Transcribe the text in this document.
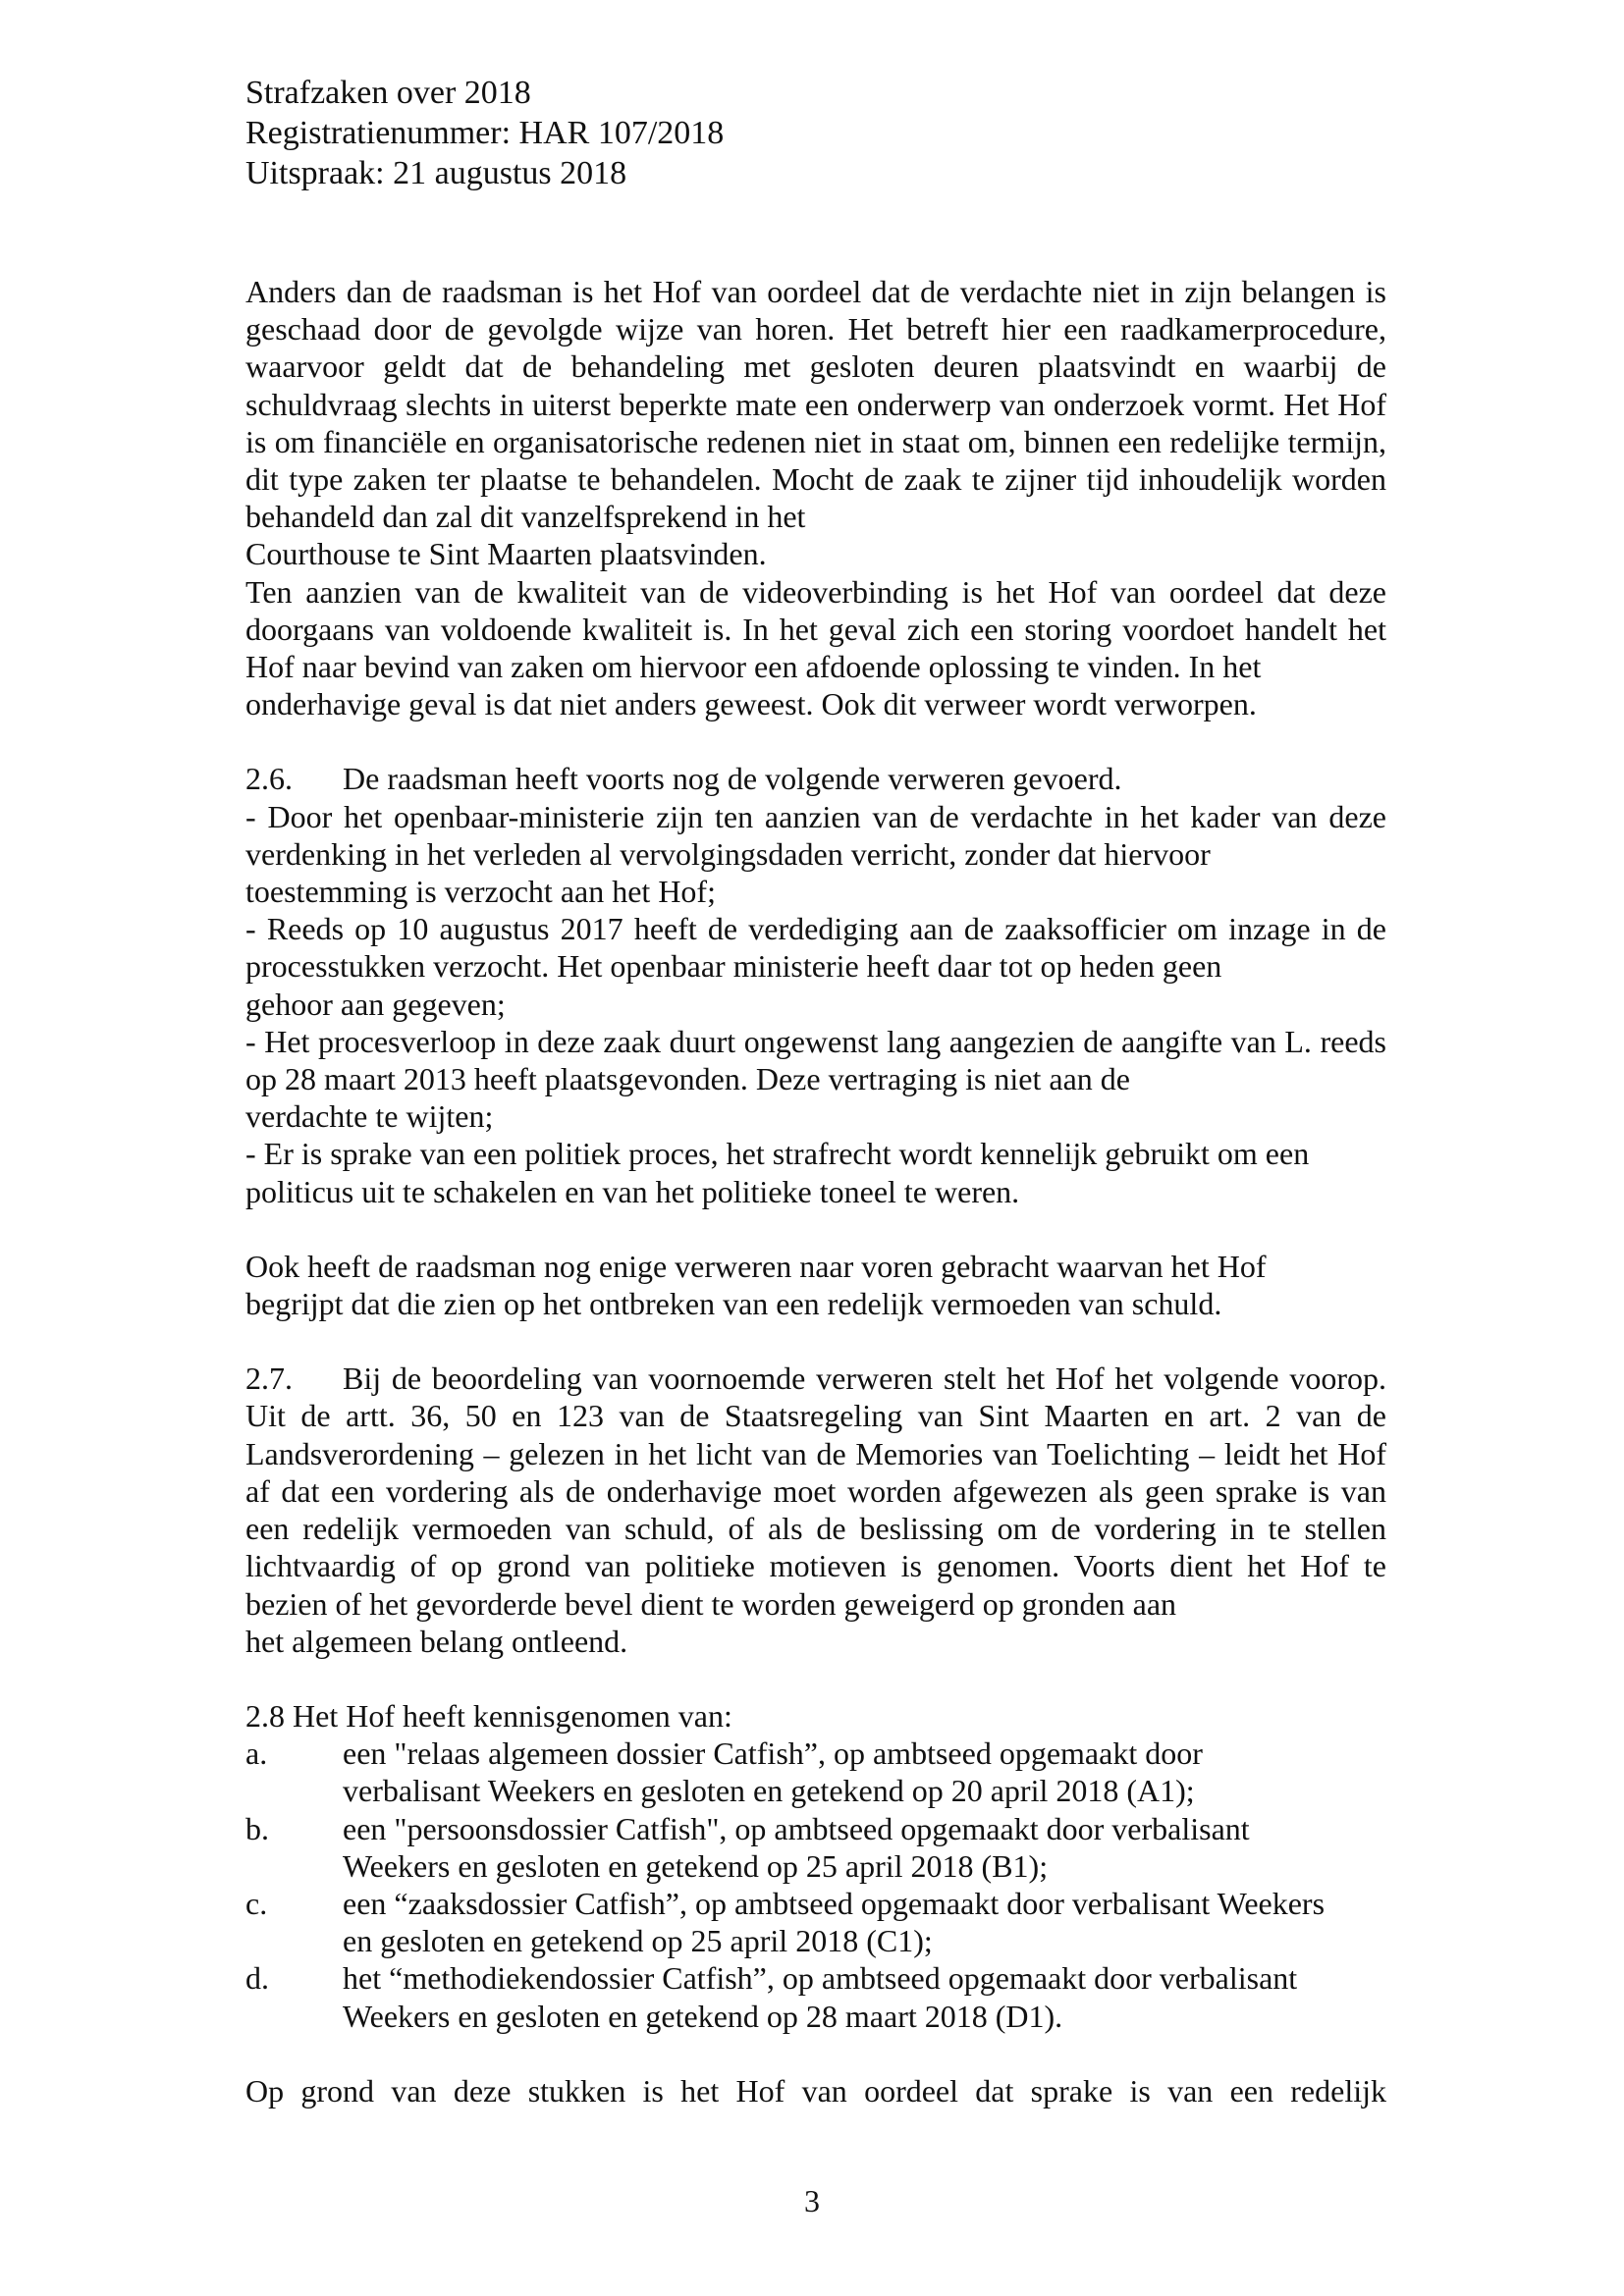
Strafzaken over 2018
Registratienummer: HAR 107/2018
Uitspraak: 21 augustus 2018

Anders dan de raadsman is het Hof van oordeel dat de verdachte niet in zijn belangen is geschaad door de gevolgde wijze van horen. Het betreft hier een raadkamerprocedure, waarvoor geldt dat de behandeling met gesloten deuren plaatsvindt en waarbij de schuldvraag slechts in uiterst beperkte mate een onderwerp van onderzoek vormt. Het Hof is om financiële en organisatorische redenen niet in staat om, binnen een redelijke termijn, dit type zaken ter plaatse te behandelen. Mocht de zaak te zijner tijd inhoudelijk worden behandeld dan zal dit vanzelfsprekend in het
Courthouse te Sint Maarten plaatsvinden.

Ten aanzien van de kwaliteit van de videoverbinding is het Hof van oordeel dat deze doorgaans van voldoende kwaliteit is. In het geval zich een storing voordoet handelt het Hof naar bevind van zaken om hiervoor een afdoende oplossing te vinden. In het
onderhavige geval is dat niet anders geweest. Ook dit verweer wordt verworpen.

2.6. De raadsman heeft voorts nog de volgende verweren gevoerd.

- Door het openbaar-ministerie zijn ten aanzien van de verdachte in het kader van deze verdenking in het verleden al vervolgingsdaden verricht, zonder dat hiervoor
toestemming is verzocht aan het Hof;

- Reeds op 10 augustus 2017 heeft de verdediging aan de zaaksofficier om inzage in de processtukken verzocht. Het openbaar ministerie heeft daar tot op heden geen
gehoor aan gegeven;

- Het procesverloop in deze zaak duurt ongewenst lang aangezien de aangifte van L. reeds op 28 maart 2013 heeft plaatsgevonden. Deze vertraging is niet aan de
verdachte te wijten;

- Er is sprake van een politiek proces, het strafrecht wordt kennelijk gebruikt om een
politicus uit te schakelen en van het politieke toneel te weren.

Ook heeft de raadsman nog enige verweren naar voren gebracht waarvan het Hof
begrijpt dat die zien op het ontbreken van een redelijk vermoeden van schuld.

2.7. Bij de beoordeling van voornoemde verweren stelt het Hof het volgende voorop. Uit de artt. 36, 50 en 123 van de Staatsregeling van Sint Maarten en art. 2 van de Landsverordening – gelezen in het licht van de Memories van Toelichting – leidt het Hof af dat een vordering als de onderhavige moet worden afgewezen als geen sprake is van een redelijk vermoeden van schuld, of als de beslissing om de vordering in te stellen lichtvaardig of op grond van politieke motieven is genomen. Voorts dient het Hof te bezien of het gevorderde bevel dient te worden geweigerd op gronden aan
het algemeen belang ontleend.

2.8 Het Hof heeft kennisgenomen van:

a.	een "relaas algemeen dossier Catfish”, op ambtseed opgemaakt door
verbalisant Weekers en gesloten en getekend op 20 april 2018 (A1);
b.	een "persoonsdossier Catfish", op ambtseed opgemaakt door verbalisant
Weekers en gesloten en getekend op 25 april 2018 (B1);
c.	een “zaaksdossier Catfish”, op ambtseed opgemaakt door verbalisant Weekers
en gesloten en getekend op 25 april 2018 (C1);
d.	het “methodiekendossier Catfish”, op ambtseed opgemaakt door verbalisant
Weekers en gesloten en getekend op 28 maart 2018 (D1).

Op grond van deze stukken is het Hof van oordeel dat sprake is van een redelijk

3
